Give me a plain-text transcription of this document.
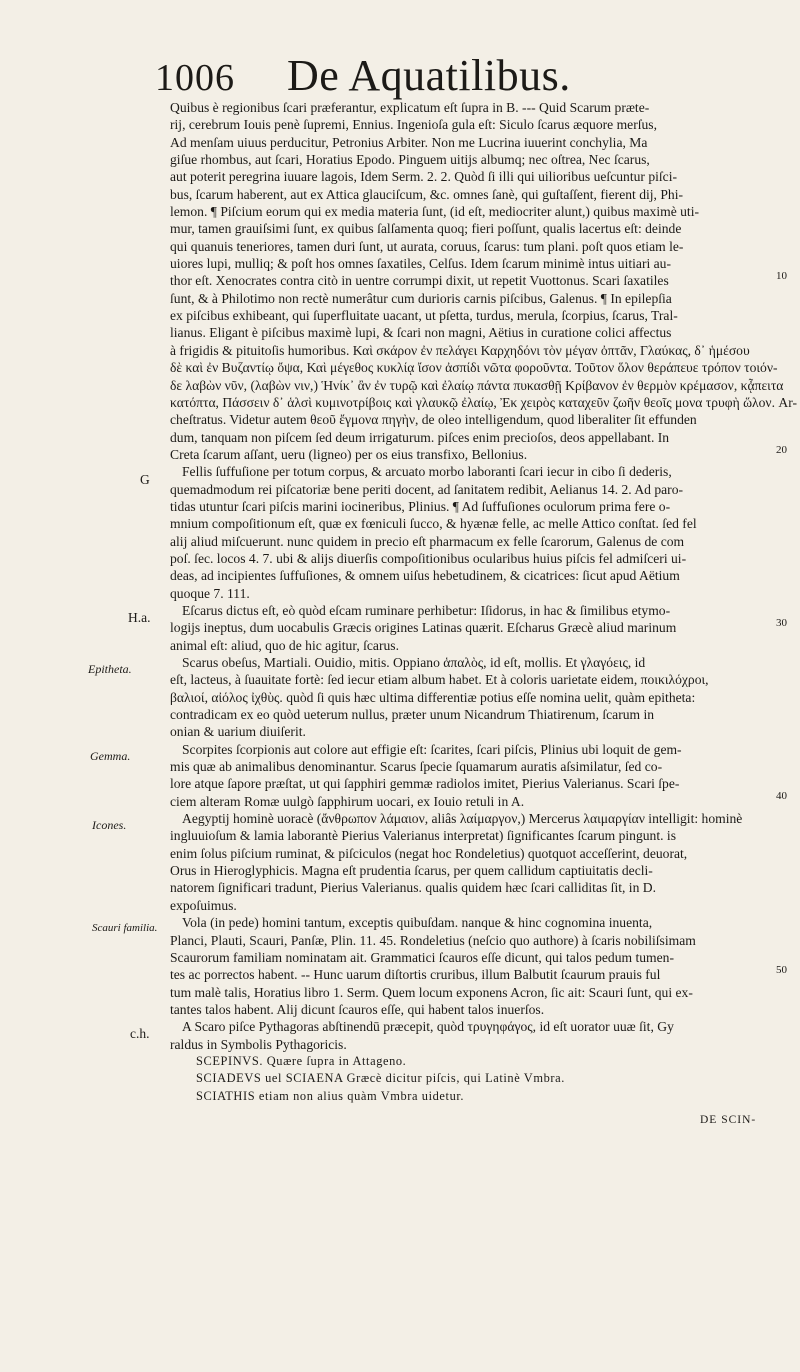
1006 De Aquatilibus.
Quibus è regionibus ſcari præferantur, explicatum eſt ſupra in B. --- Quid Scarum præte-
rij, cerebrum Iouis penè ſupremi, Ennius. Ingenioſa gula eſt: Siculo ſcarus æquore merſus,
Ad menſam uiuus perducitur, Petronius Arbiter. Non me Lucrina iuuerint conchylia, Ma
giſue rhombus, aut ſcari, Horatius Epodo. Pinguem uitijs albumq; nec oſtrea, Nec ſcarus,
aut poterit peregrina iuuare lagois, Idem Serm. 2. 2. Quòd ſi illi qui uilioribus ueſcuntur piſci-
bus, ſcarum haberent, aut ex Attica glauciſcum, &c. omnes ſanè, qui guſtaſſent, fierent dij, Phi-
lemon. ¶ Piſcium eorum qui ex media materia ſunt, (id eſt, mediocriter alunt,) quibus maximè uti-
mur, tamen grauiſsimi ſunt, ex quibus ſalſamenta quoq; fieri poſſunt, qualis lacertus eſt: deinde
qui quanuis teneriores, tamen duri ſunt, ut aurata, coruus, ſcarus: tum plani. poſt quos etiam le-
uiores lupi, mulliq; & poſt hos omnes ſaxatiles, Celſus. Idem ſcarum minimè intus uitiari au-
thor eſt. Xenocrates contra citò in uentre corrumpi dixit, ut repetit Vuottonus. Scari ſaxatiles
ſunt, & à Philotimo non rectè numerâtur cum durioris carnis piſcibus, Galenus. ¶ In epilepſia
ex piſcibus exhibeant, qui ſuperfluitate uacant, ut pſetta, turdus, merula, ſcorpius, ſcarus, Tral-
lianus. Eligant è piſcibus maximè lupi, & ſcari non magni, Aëtius in curatione colici affectus
à frigidis & pituitoſis humoribus. Καὶ σκάρον ἐν πελάγει Καρχηδόνι τὸν μέγαν ὀπτᾶν, Γλαύκας, δ᾽ ἡμέσου
δὲ καὶ ἐν Βυζαντίῳ ὄψα, Καὶ μέγεθος κυκλίᾳ ἴσον ἀσπίδι νῶτα φοροῦντα. Τοῦτον ὅλον θεράπευε τρόπον τοιόν-
δε λαβὼν νῦν, (λαβὼν νιν,) Ἡνίκ᾽ ἂν ἐν τυρῷ καὶ ἐλαίῳ πάντα πυκασθῇ Κρίβανον ἐν θερμὸν κρέμασον, κᾆπειτα
κατόπτα, Πάσσειν δ᾽ ἁλσὶ κυμινοτρίβοις καὶ γλαυκῷ ἐλαίῳ, Ἐκ χειρὸς καταχεῦν ζωῆν θεοῖς μονα τρυφὴ ὥλον. Ar-
cheſtratus. Videtur autem θεοῦ ἔγμονα πηγὴν, de oleo intelligendum, quod liberaliter ſit effunden
dum, tanquam non piſcem ſed deum irrigaturum. piſces enim precioſos, deos appellabant. In
Creta ſcarum aſſant, ueru (ligneo) per os eius transfixo, Bellonius.
Fellis ſuffuſione per totum corpus, & arcuato morbo laboranti ſcari iecur in cibo ſi dederis,
quemadmodum rei piſcatoriæ bene periti docent, ad ſanitatem redibit, Aelianus 14. 2. Ad paro-
tidas utuntur ſcari piſcis marini iocineribus, Plinius. ¶ Ad ſuffuſiones oculorum prima fere o-
mnium compoſitionum eſt, quæ ex fœniculi ſucco, & hyænæ felle, ac melle Attico conſtat. ſed fel
alij aliud miſcuerunt. nunc quidem in precio eſt pharmacum ex felle ſcarorum, Galenus de com
poſ. ſec. locos 4. 7. ubi & alijs diuerſis compoſitionibus ocularibus huius piſcis fel admiſceri ui-
deas, ad incipientes ſuffuſiones, & omnem uiſus hebetudinem, & cicatrices: ſicut apud Aëtium
quoque 7. 111.
Eſcarus dictus eſt, eò quòd eſcam ruminare perhibetur: Iſidorus, in hac & ſimilibus etymo-
logijs ineptus, dum uocabulis Græcis origines Latinas quærit. Eſcharus Græcè aliud marinum
animal eſt: aliud, quo de hic agitur, ſcarus.
Scarus obeſus, Martiali. Ouidio, mitis. Oppiano ἁπαλὸς, id eſt, mollis. Et γλαγόεις, id
eſt, lacteus, à ſuauitate fortè: ſed iecur etiam album habet. Et à coloris uarietate eidem, ποικιλόχροι,
βαλιοί, αἰόλος ἰχθὺς. quòd ſi quis hæc ultima differentiæ potius eſſe nomina uelit, quàm epitheta:
contradicam ex eo quòd ueterum nullus, præter unum Nicandrum Thiatirenum, ſcarum in
onian & uarium diuiſerit.
Scorpites ſcorpionis aut colore aut effigie eſt: ſcarites, ſcari piſcis, Plinius ubi loquit de gem-
mis quæ ab animalibus denominantur. Scarus ſpecie ſquamarum auratis aſsimilatur, ſed co-
lore atque ſapore præſtat, ut qui ſapphiri gemmæ radiolos imitet, Pierius Valerianus. Scari ſpe-
ciem alteram Romæ uulgò ſapphirum uocari, ex Iouio retuli in A.
Aegyptij hominè uoracè (ἄνθρωπον λάμαιον, aliâs λαίμαργον,) Mercerus λαιμαργίαν intelligit: hominè
ingluuioſum & lamia laborantè Pierius Valerianus interpretat) ſignificantes ſcarum pingunt. is
enim ſolus piſcium ruminat, & piſciculos (negat hoc Rondeletius) quotquot acceſſerint, deuorat,
Orus in Hieroglyphicis. Magna eſt prudentia ſcarus, per quem callidum captiuitatis decli-
natorem ſignificari tradunt, Pierius Valerianus. qualis quidem hæc ſcari calliditas ſit, in D.
expoſuimus.
Vola (in pede) homini tantum, exceptis quibuſdam. nanque & hinc cognomina inuenta,
Planci, Plauti, Scauri, Panſæ, Plin. 11. 45. Rondeletius (neſcio quo authore) à ſcaris nobiliſsimam
Scaurorum familiam nominatam ait. Grammatici ſcauros eſſe dicunt, qui talos pedum tumen-
tes ac porrectos habent. -- Hunc uarum diſtortis cruribus, illum Balbutit ſcaurum prauis ful
tum malè talis, Horatius libro 1. Serm. Quem locum exponens Acron, ſic ait: Scauri ſunt, qui ex-
tantes talos habent. Alij dicunt ſcauros eſſe, qui habent talos inuerſos.
A Scaro piſce Pythagoras abſtinendū præcepit, quòd τρυγηφάγος, id eſt uorator uuæ ſit, Gy
raldus in Symbolis Pythagoricis.
SCEPINVS. Quære ſupra in Attageno.
SCIADEVS uel SCIAENA Græcè dicitur piſcis, qui Latinè Vmbra.
SCIATHIS etiam non alius quàm Vmbra uidetur.
G
H.a.
Epitheta.
Gemma.
Icones.
Scauri familia.
c.h.
10
20
30
40
50
DE SCIN-
